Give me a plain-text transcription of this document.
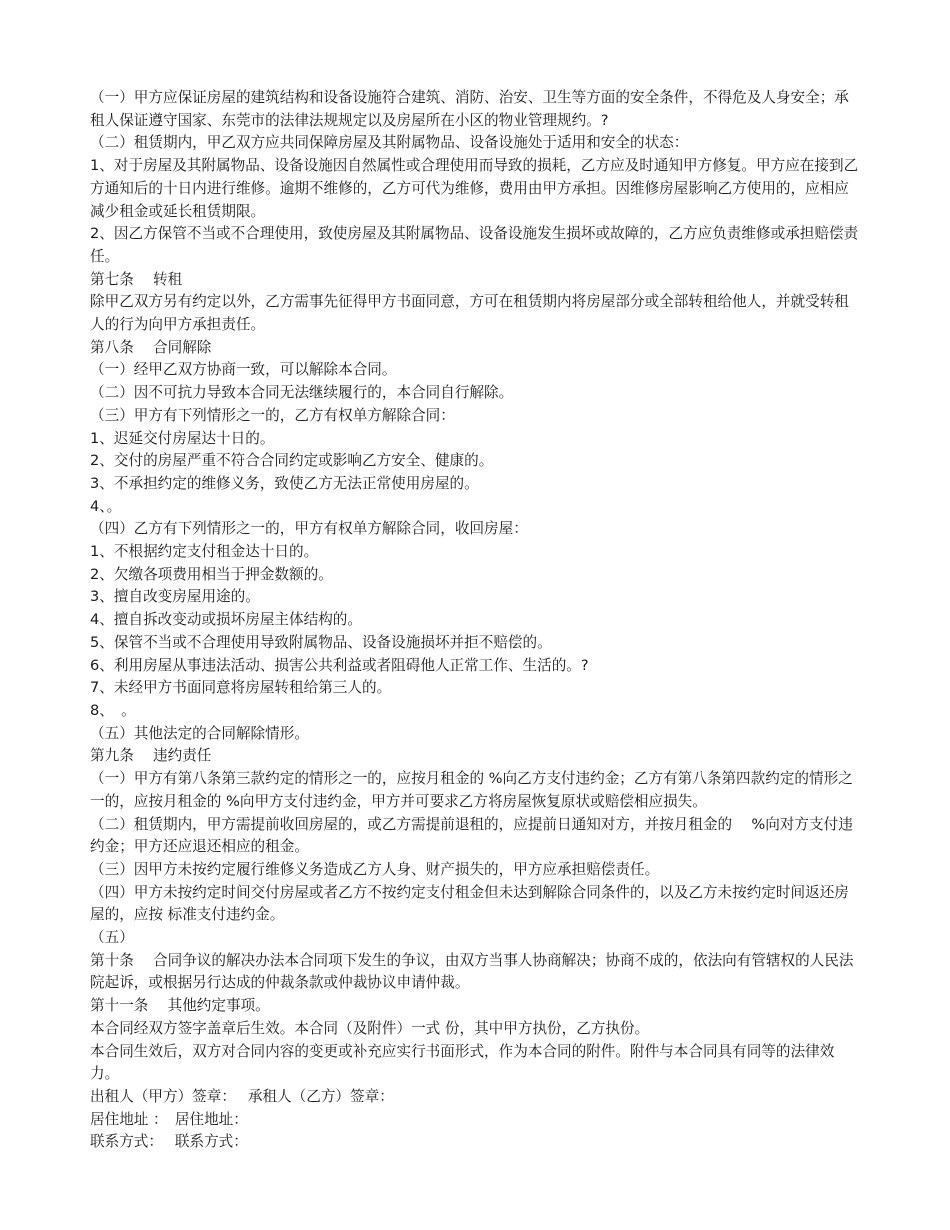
（一）甲方应保证房屋的建筑结构和设备设施符合建筑、消防、治安、卫生等方面的安全条件，不得危及人身安全；承租人保证遵守国家、东莞市的法律法规规定以及房屋所在小区的物业管理规约。?

（二）租赁期内，甲乙双方应共同保障房屋及其附属物品、设备设施处于适用和安全的状态：

1、对于房屋及其附属物品、设备设施因自然属性或合理使用而导致的损耗，乙方应及时通知甲方修复。甲方应在接到乙方通知后的十日内进行维修。逾期不维修的，乙方可代为维修，费用由甲方承担。因维修房屋影响乙方使用的，应相应减少租金或延长租赁期限。

2、因乙方保管不当或不合理使用，致使房屋及其附属物品、设备设施发生损坏或故障的，乙方应负责维修或承担赔偿责任。

第七条　 转租

除甲乙双方另有约定以外，乙方需事先征得甲方书面同意，方可在租赁期内将房屋部分或全部转租给他人，并就受转租人的行为向甲方承担责任。

第八条　 合同解除

（一）经甲乙双方协商一致，可以解除本合同。

（二）因不可抗力导致本合同无法继续履行的，本合同自行解除。

（三）甲方有下列情形之一的，乙方有权单方解除合同：

1、迟延交付房屋达十日的。

2、交付的房屋严重不符合合同约定或影响乙方安全、健康的。

3、不承担约定的维修义务，致使乙方无法正常使用房屋的。

4、。

（四）乙方有下列情形之一的，甲方有权单方解除合同，收回房屋：

1、不根据约定支付租金达十日的。

2、欠缴各项费用相当于押金数额的。

3、擅自改变房屋用途的。

4、擅自拆改变动或损坏房屋主体结构的。

5、保管不当或不合理使用导致附属物品、设备设施损坏并拒不赔偿的。

6、利用房屋从事违法活动、损害公共利益或者阻碍他人正常工作、生活的。?

7、未经甲方书面同意将房屋转租给第三人的。

8、　。

（五）其他法定的合同解除情形。

第九条　 违约责任

（一）甲方有第八条第三款约定的情形之一的，应按月租金的 %向乙方支付违约金；乙方有第八条第四款约定的情形之一的，应按月租金的 %向甲方支付违约金，甲方并可要求乙方将房屋恢复原状或赔偿相应损失。

（二）租赁期内，甲方需提前收回房屋的，或乙方需提前退租的，应提前日通知对方，并按月租金的　 %向对方支付违约金；甲方还应退还相应的租金。

（三）因甲方未按约定履行维修义务造成乙方人身、财产损失的，甲方应承担赔偿责任。

（四）甲方未按约定时间交付房屋或者乙方不按约定支付租金但未达到解除合同条件的，以及乙方未按约定时间返还房屋的，应按 标准支付违约金。

（五）

第十条　 合同争议的解决办法本合同项下发生的争议，由双方当事人协商解决；协商不成的，依法向有管辖权的人民法院起诉，或根据另行达成的仲裁条款或仲裁协议申请仲裁。

第十一条　 其他约定事项。

本合同经双方签字盖章后生效。本合同（及附件）一式 份，其中甲方执份，乙方执份。

本合同生效后，双方对合同内容的变更或补充应实行书面形式，作为本合同的附件。附件与本合同具有同等的法律效力。

出租人（甲方）签章：　 承租人（乙方）签章：

居住地址 ：　居住地址：

联系方式：　 联系方式：
